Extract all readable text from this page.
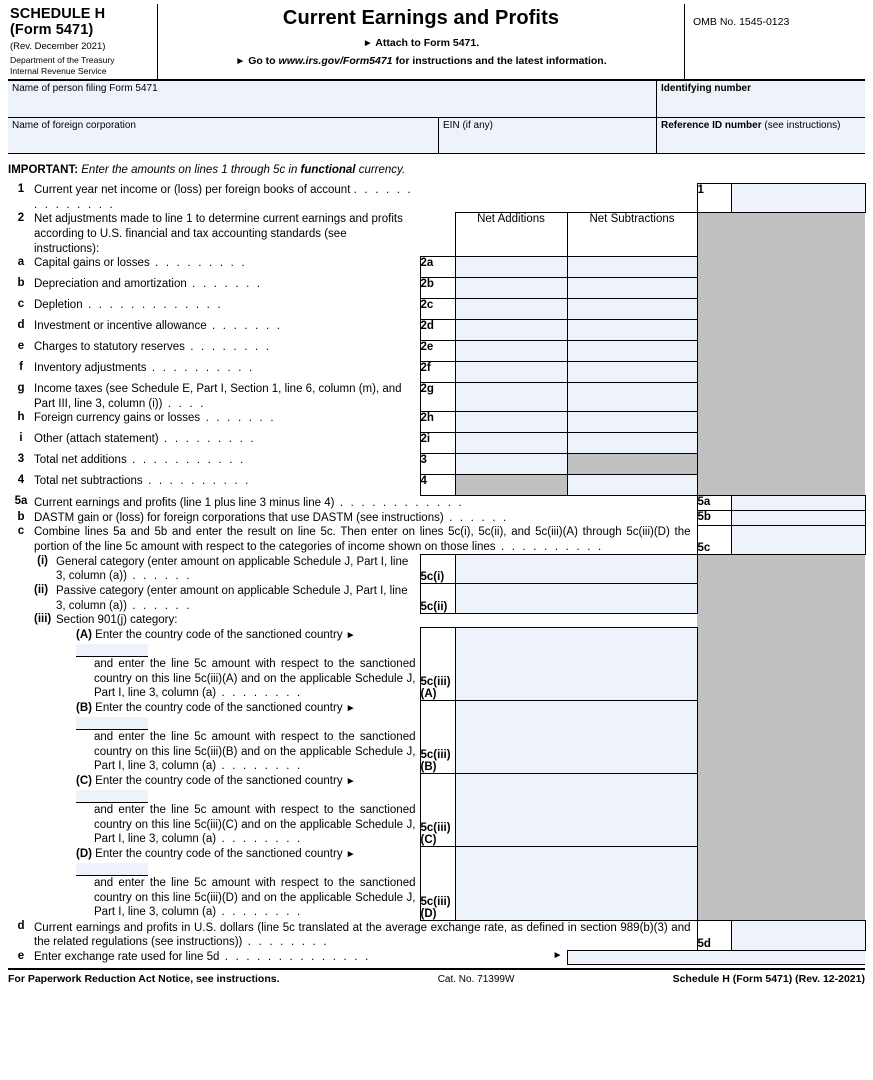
SCHEDULE H
(Form 5471)
(Rev. December 2021)
Department of the Treasury
Internal Revenue Service
Current Earnings and Profits
► Attach to Form 5471.
► Go to www.irs.gov/Form5471 for instructions and the latest information.
OMB No. 1545-0123
Name of person filing Form 5471	Identifying number
Name of foreign corporation	EIN (if any)	Reference ID number (see instructions)
IMPORTANT: Enter the amounts on lines 1 through 5c in functional currency.
1	Current year net income or (loss) per foreign books of account . . . . . . . . . . . . . .					1		
2	Net adjustments made to line 1 to determine current earnings and profits according to U.S. financial and tax accounting standards (see instructions):			Net Additions	Net Subtractions			
a	Capital gains or losses . . . . . . . . .		2a					
b	Depreciation and amortization . . . . . . .		2b					
c	Depletion . . . . . . . . . . . . .		2c					
d	Investment or incentive allowance . . . . . . .		2d					
e	Charges to statutory reserves . . . . . . . .		2e					
f	Inventory adjustments . . . . . . . . . .		2f					
g	Income taxes (see Schedule E, Part I, Section 1, line 6, column (m), and Part III, line 3, column (i)) . . . .		2g					
h	Foreign currency gains or losses . . . . . . .		2h					
i	Other (attach statement) . . . . . . . . .		2i					
3	Total net additions . . . . . . . . . . .		3					
4	Total net subtractions . . . . . . . . . .		4					
5a	Current earnings and profits (line 1 plus line 3 minus line 4) . . . . . . . . . . . .					5a		
b	DASTM gain or (loss) for foreign corporations that use DASTM (see instructions) . . . . . .					5b		
c	Combine lines 5a and 5b and enter the result on line 5c. Then enter on lines 5c(i), 5c(ii), and 5c(iii)(A) through 5c(iii)(D) the portion of the line 5c amount with respect to the categories of income shown on those lines . . . . . . . . . .					5c		
	(i)	General category (enter amount on applicable Schedule J, Part I, line 3, column (a)) . . . . . .	5c(i)					
	(ii)	Passive category (enter amount on applicable Schedule J, Part I, line 3, column (a)) . . . . . .	5c(ii)					
	(iii)	Section 901(j) category:						

		(A) Enter the country code of the sanctioned country ►
and enter the line 5c amount with respect to the sanctioned country on this line 5c(iii)(A) and on the applicable Schedule J, Part I, line 3, column (a) . . . . . . . .	5c(iii)(A)					

		(B) Enter the country code of the sanctioned country ►
and enter the line 5c amount with respect to the sanctioned country on this line 5c(iii)(B) and on the applicable Schedule J, Part I, line 3, column (a) . . . . . . . .	5c(iii)(B)					

		(C) Enter the country code of the sanctioned country ►
and enter the line 5c amount with respect to the sanctioned country on this line 5c(iii)(C) and on the applicable Schedule J, Part I, line 3, column (a) . . . . . . . .	5c(iii)(C)					

		(D) Enter the country code of the sanctioned country ►
and enter the line 5c amount with respect to the sanctioned country on this line 5c(iii)(D) and on the applicable Schedule J, Part I, line 3, column (a) . . . . . . . .	5c(iii)(D)					
d	Current earnings and profits in U.S. dollars (line 5c translated at the average exchange rate, as defined in section 989(b)(3) and the related regulations (see instructions)) . . . . . . . .					5d		
e	Enter exchange rate used for line 5d . . . . . . . . . . . . . . ►							

For Paperwork Reduction Act Notice, see instructions.	Cat. No. 71399W	Schedule H (Form 5471) (Rev. 12-2021)
